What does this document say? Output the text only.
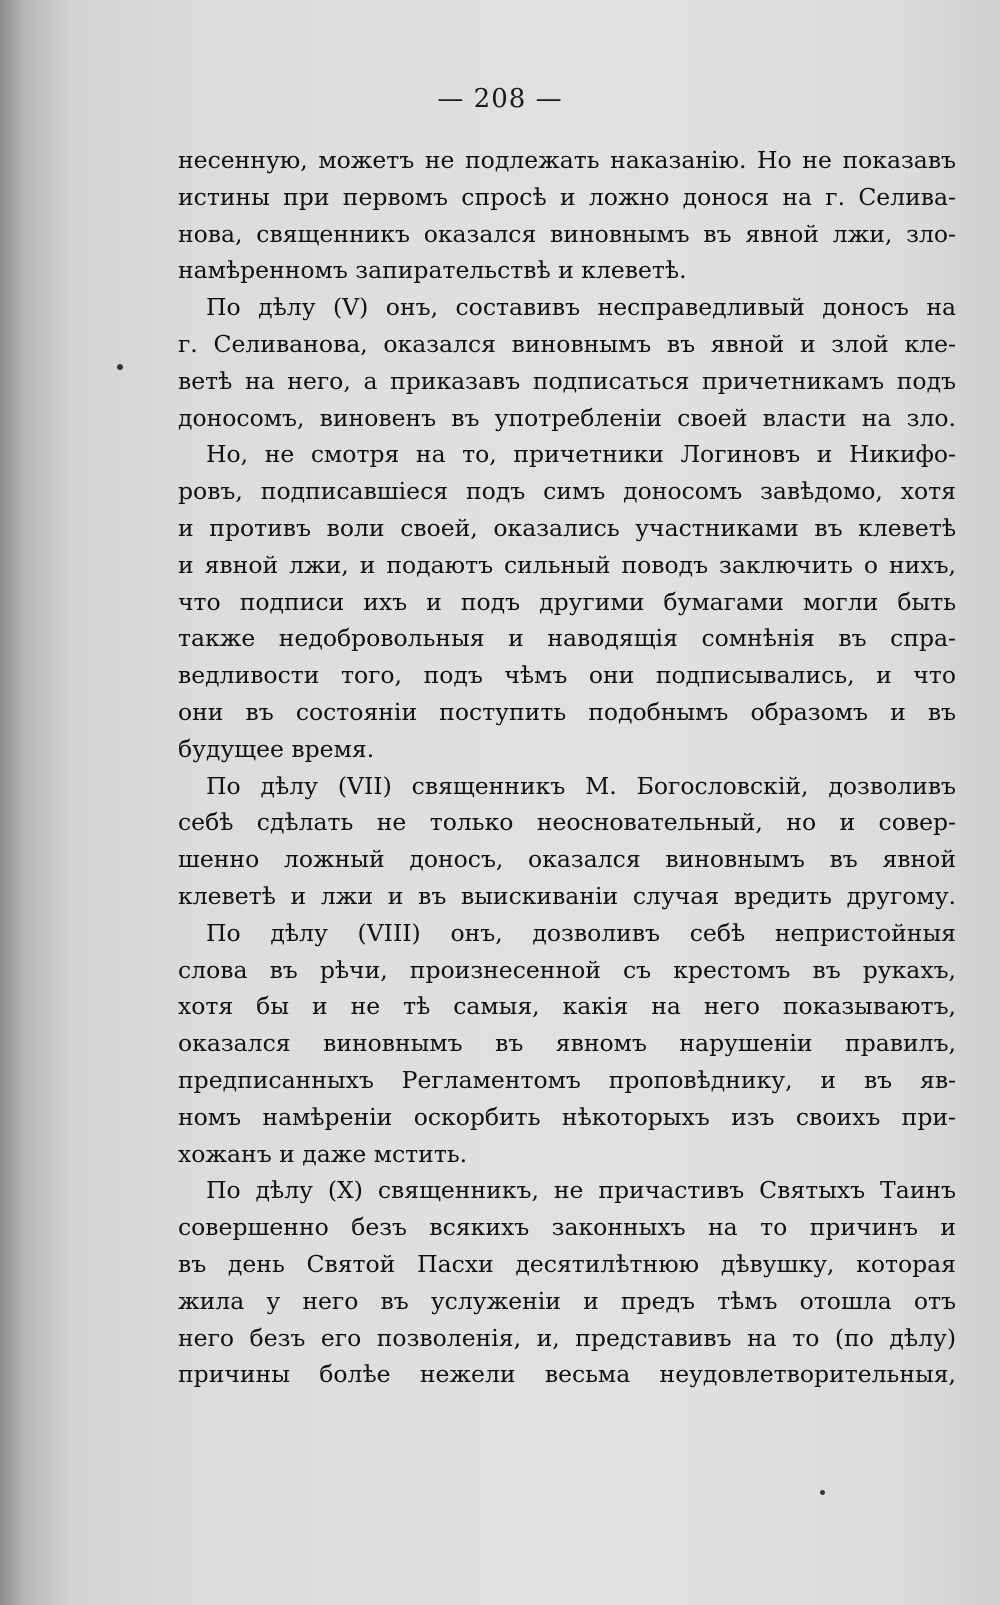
— 208 —
несенную, можетъ не подлежать наказанію. Но не показавъ
истины при первомъ спросѣ и ложно донося на г. Селива-
нова, священникъ оказался виновнымъ въ явной лжи, зло-
намѣренномъ запирательствѣ и клеветѣ.
По дѣлу (V) онъ, составивъ несправедливый доносъ на
г. Селиванова, оказался виновнымъ въ явной и злой кле-
ветѣ на него, а приказавъ подписаться причетникамъ подъ
доносомъ, виновенъ въ употребленіи своей власти на зло.
Но, не смотря на то, причетники Логиновъ и Никифо-
ровъ, подписавшіеся подъ симъ доносомъ завѣдомо, хотя
и противъ воли своей, оказались участниками въ клеветѣ
и явной лжи, и подаютъ сильный поводъ заключить о нихъ,
что подписи ихъ и подъ другими бумагами могли быть
также недобровольныя и наводящія сомнѣнія въ спра-
ведливости того, подъ чѣмъ они подписывались, и что
они въ состояніи поступить подобнымъ образомъ и въ
будущее время.
По дѣлу (VII) священникъ М. Богословскій, дозволивъ
себѣ сдѣлать не только неосновательный, но и совер-
шенно ложный доносъ, оказался виновнымъ въ явной
клеветѣ и лжи и въ выискиваніи случая вредить другому.
По дѣлу (VIII) онъ, дозволивъ себѣ непристойныя
слова въ рѣчи, произнесенной съ крестомъ въ рукахъ,
хотя бы и не тѣ самыя, какія на него показываютъ,
оказался виновнымъ въ явномъ нарушеніи правилъ,
предписанныхъ Регламентомъ проповѣднику, и въ яв-
номъ намѣреніи оскорбить нѣкоторыхъ изъ своихъ при-
хожанъ и даже мстить.
По дѣлу (X) священникъ, не причастивъ Святыхъ Таинъ
совершенно безъ всякихъ законныхъ на то причинъ и
въ день Святой Пасхи десятилѣтнюю дѣвушку, которая
жила у него въ услуженіи и предъ тѣмъ отошла отъ
него безъ его позволенія, и, представивъ на то (по дѣлу)
причины болѣе нежели весьма неудовлетворительныя,
